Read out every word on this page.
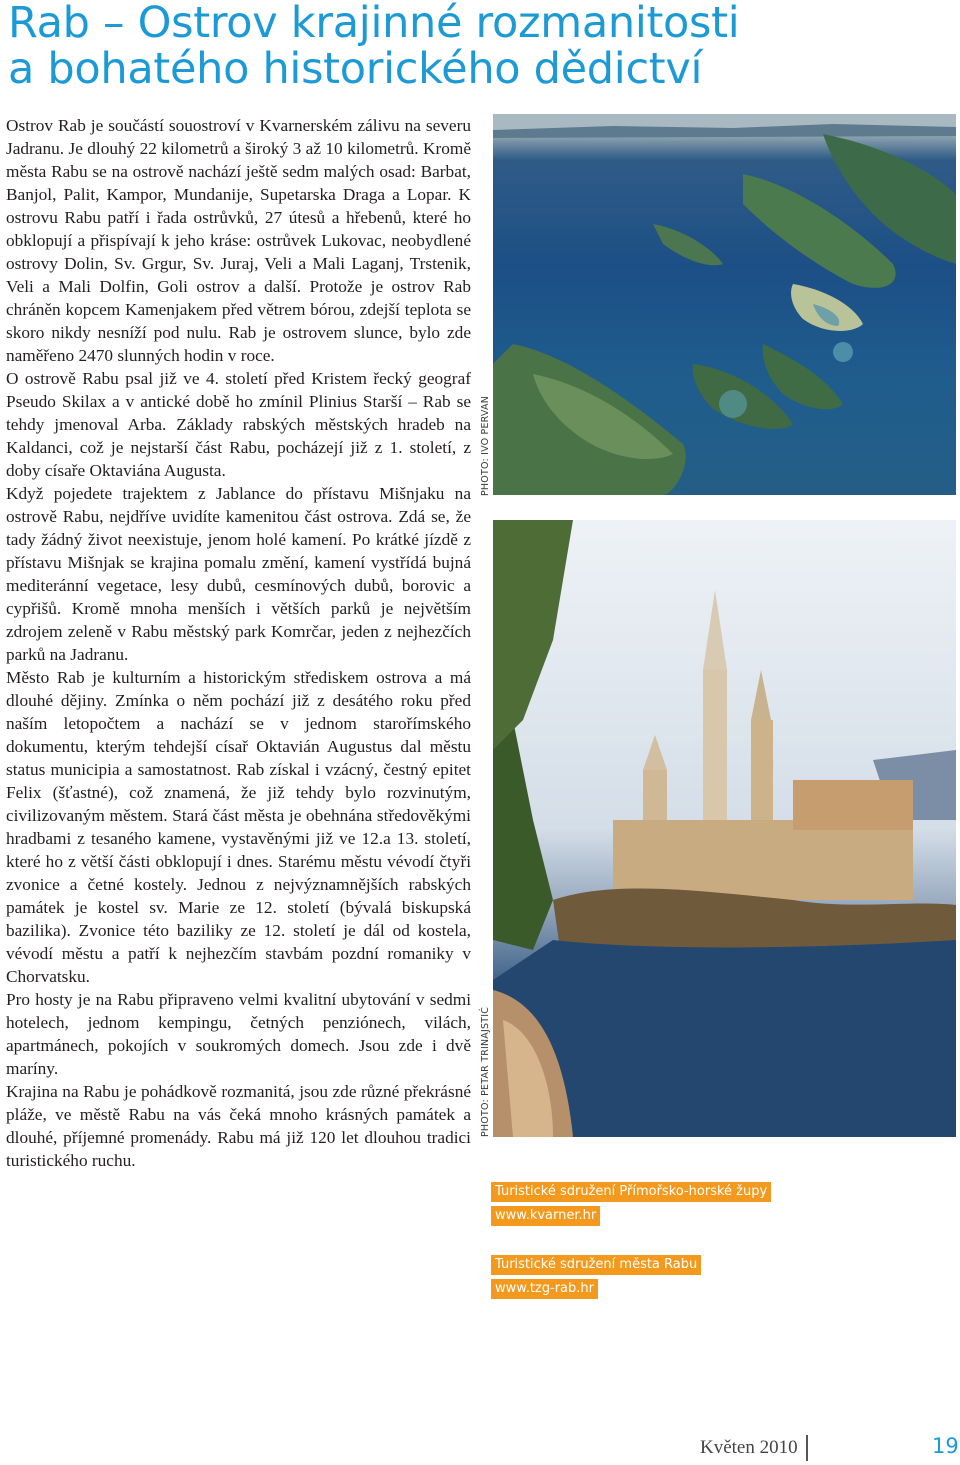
Rab – Ostrov krajinné rozmanitosti
a bohatého historického dědictví

Ostrov Rab je součástí souostroví v Kvarnerském zálivu na severu Jadranu. Je dlouhý 22 kilometrů a široký 3 až 10 kilometrů. Kromě města Rabu se na ostrově nachází ještě sedm malých osad: Barbat, Banjol, Palit, Kampor, Mundanije, Supetarska Draga a Lopar. K ostrovu Rabu patří i řada ostrůvků, 27 útesů a hřebenů, které ho obklopují a přispívají k jeho kráse: ostrůvek Lukovac, neobydlené ostrovy Dolin, Sv. Grgur, Sv. Juraj, Veli a Mali Laganj, Trstenik, Veli a Mali Dolfin, Goli ostrov a další. Protože je ostrov Rab chráněn kopcem Kamenjakem před větrem bórou, zdejší teplota se skoro nikdy nesníží pod nulu. Rab je ostrovem slunce, bylo zde naměřeno 2470 slunných hodin v roce.

O ostrově Rabu psal již ve 4. století před Kristem řecký geograf Pseudo Skilax a v antické době ho zmínil Plinius Starší – Rab se tehdy jmenoval Arba. Základy rabských městských hradeb na Kaldanci, což je nejstarší část Rabu, pocházejí již z 1. století, z doby císaře Oktaviána Augusta.

Když pojedete trajektem z Jablance do přístavu Mišnjaku na ostrově Rabu, nejdříve uvidíte kamenitou část ostrova. Zdá se, že tady žádný život neexistuje, jenom holé kamení. Po krátké jízdě z přístavu Mišnjak se krajina pomalu změní, kamení vystřídá bujná mediteránní vegetace, lesy dubů, cesmínových dubů, borovic a cypřišů. Kromě mnoha menších i větších parků je největším zdrojem zeleně v Rabu městský park Komrčar, jeden z nejhezčích parků na Jadranu.

Město Rab je kulturním a historickým střediskem ostrova a má dlouhé dějiny. Zmínka o něm pochází již z desátého roku před naším letopočtem a nachází se v jednom starořímského dokumentu, kterým tehdejší císař Oktavián Augustus dal městu status municipia a samostatnost. Rab získal i vzácný, čestný epitet Felix (šťastné), což znamená, že již tehdy bylo rozvinutým, civilizovaným městem. Stará část města je obehnána středověkými hradbami z tesaného kamene, vystavěnými již ve 12.a 13. století, které ho z větší části obklopují i dnes. Starému městu vévodí čtyři zvonice a četné kostely. Jednou z nejvýznamnějších rabských památek je kostel sv. Marie ze 12. století (bývalá biskupská bazilika). Zvonice této baziliky ze 12. století je dál od kostela, vévodí městu a patří k nejhezčím stavbám pozdní romaniky v Chorvatsku.

Pro hosty je na Rabu připraveno velmi kvalitní ubytování v sedmi hotelech, jednom kempingu, četných penziónech, vilách, apartmánech, pokojích v soukromých domech. Jsou zde i dvě maríny.

Krajina na Rabu je pohádkově rozmanitá, jsou zde různé překrásné pláže, ve městě Rabu na vás čeká mnoho krásných památek a dlouhé, příjemné promenády. Rabu má již 120 let dlouhou tradici turistického ruchu.

PHOTO: IVO PERVAN
PHOTO: PETAR TRINAJSTIĆ
Turistické sdružení Přímořsko-horské župy
www.kvarner.hr
Turistické sdružení města Rabu
www.tzg-rab.hr
Květen 2010	19
